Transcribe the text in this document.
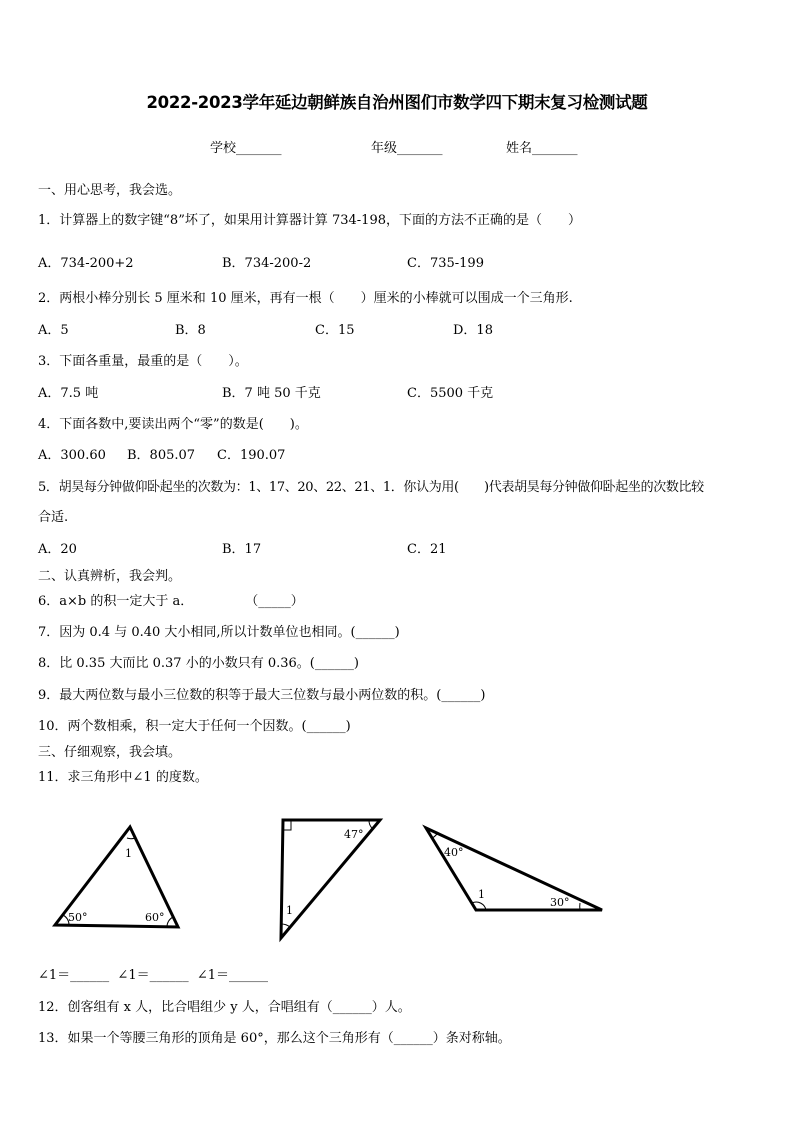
2022-2023学年延边朝鲜族自治州图们市数学四下期末复习检测试题
学校_______	年级_______	姓名_______
一、用心思考，我会选。
1．计算器上的数字键“8”坏了，如果用计算器计算 734-198，下面的方法不正确的是（　　）
A．734-200+2	B．734-200-2	C．735-199
2．两根小棒分别长 5 厘米和 10 厘米，再有一根（　　）厘米的小棒就可以围成一个三角形.
A．5	B．8	C．15	D．18
3．下面各重量，最重的是（　　）。
A．7.5 吨	B．7 吨 50 千克	C．5500 千克
4．下面各数中,要读出两个“零”的数是(　　)。
A．300.60 B．805.07 C．190.07
5．胡昊每分钟做仰卧起坐的次数为：1、17、20、22、21、1．你认为用(　　)代表胡昊每分钟做仰卧起坐的次数比较
合适.
A．20	B．17	C．21
二、认真辨析，我会判。
6．a×b 的积一定大于 a．　　　　　（_____）
7．因为 0.4 与 0.40 大小相同,所以计数单位也相同。(______)
8．比 0.35 大而比 0.37 小的小数只有 0.36。(______)
9．最大两位数与最小三位数的积等于最大三位数与最小两位数的积。(______)
10．两个数相乘，积一定大于任何一个因数。(______)
三、仔细观察，我会填。
11．求三角形中∠1 的度数。
1
50°	60°
47°
1
40°
1
30°
∠1＝______  ∠1＝______  ∠1＝______
12．创客组有 x 人，比合唱组少 y 人，合唱组有（______）人。
13．如果一个等腰三角形的顶角是 60°，那么这个三角形有（______）条对称轴。
